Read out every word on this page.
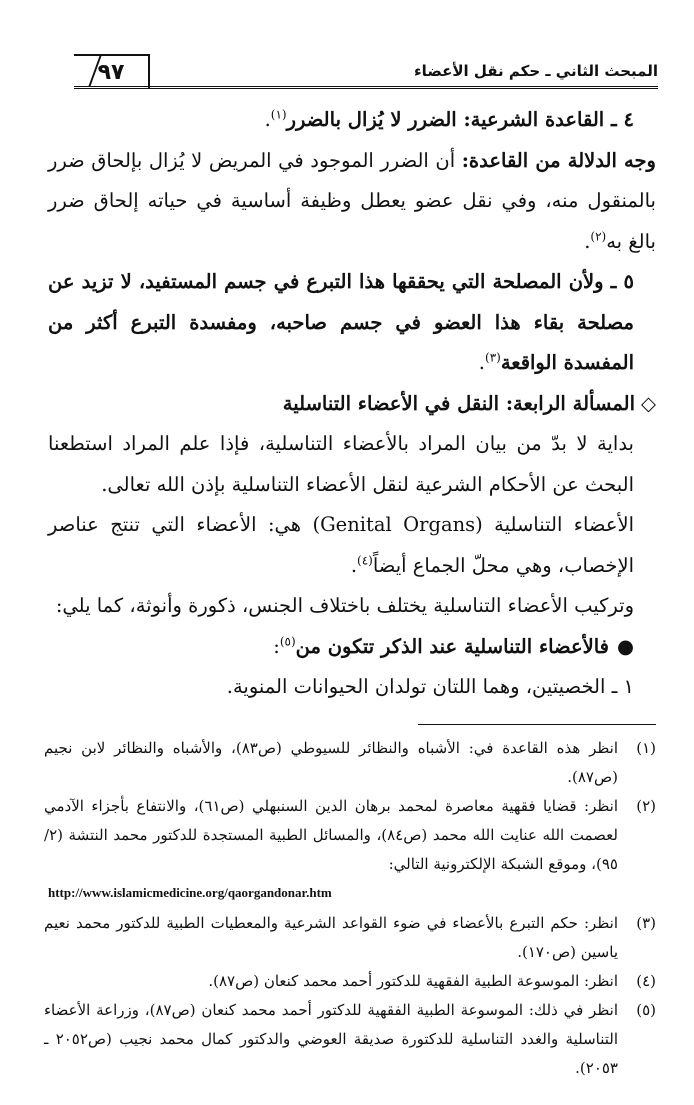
٩٧	المبحث الثاني ـ حكم نقل الأعضاء

٤ ـ القاعدة الشرعية: الضرر لا يُزال بالضرر$^{(١)}$.

وجه الدلالة من القاعدة: أن الضرر الموجود في المريض لا يُزال بإلحاق ضرر بالمنقول منه، وفي نقل عضو يعطل وظيفة أساسية في حياته إلحاق ضرر بالغ به$^{(٢)}$.

٥ ـ ولأن المصلحة التي يحققها هذا التبرع في جسم المستفيد، لا تزيد عن مصلحة بقاء هذا العضو في جسم صاحبه، ومفسدة التبرع أكثر من المفسدة الواقعة$^{(٣)}$.

◇المسألة الرابعة: النقل في الأعضاء التناسلية

بداية لا بدّ من بيان المراد بالأعضاء التناسلية، فإذا علم المراد استطعنا البحث عن الأحكام الشرعية لنقل الأعضاء التناسلية بإذن الله تعالى.

الأعضاء التناسلية (Genital Organs) هي: الأعضاء التي تنتج عناصر الإخصاب، وهي محلّ الجماع أيضاً$^{(٤)}$.

وتركيب الأعضاء التناسلية يختلف باختلاف الجنس، ذكورة وأنوثة، كما يلي:

●فالأعضاء التناسلية عند الذكر تتكون من$^{(٥)}$:

١ ـ الخصيتين، وهما اللتان تولدان الحيوانات المنوية.

(١)
انظر هذه القاعدة في: الأشباه والنظائر للسيوطي (ص٨٣)، والأشباه والنظائر لابن نجيم (ص٨٧).
(٢)
انظر: قضايا فقهية معاصرة لمحمد برهان الدين السنبهلي (ص٦١)، والانتفاع بأجزاء الآدمي لعصمت الله عنايت الله محمد (ص٨٤)، والمسائل الطبية المستجدة للدكتور محمد النتشة (٢/ ٩٥)، وموقع الشبكة الإلكترونية التالي:
http://www.islamicmedicine.org/qaorgandonar.htm
(٣)
انظر: حكم التبرع بالأعضاء في ضوء القواعد الشرعية والمعطيات الطبية للدكتور محمد نعيم ياسين (ص١٧٠).
(٤)
انظر: الموسوعة الطبية الفقهية للدكتور أحمد محمد كنعان (ص٨٧).
(٥)
انظر في ذلك: الموسوعة الطبية الفقهية للدكتور أحمد محمد كنعان (ص٨٧)، وزراعة الأعضاء التناسلية والغدد التناسلية للدكتورة صديقة العوضي والدكتور كمال محمد نجيب (ص٢٠٥٢ ـ ٢٠٥٣).
